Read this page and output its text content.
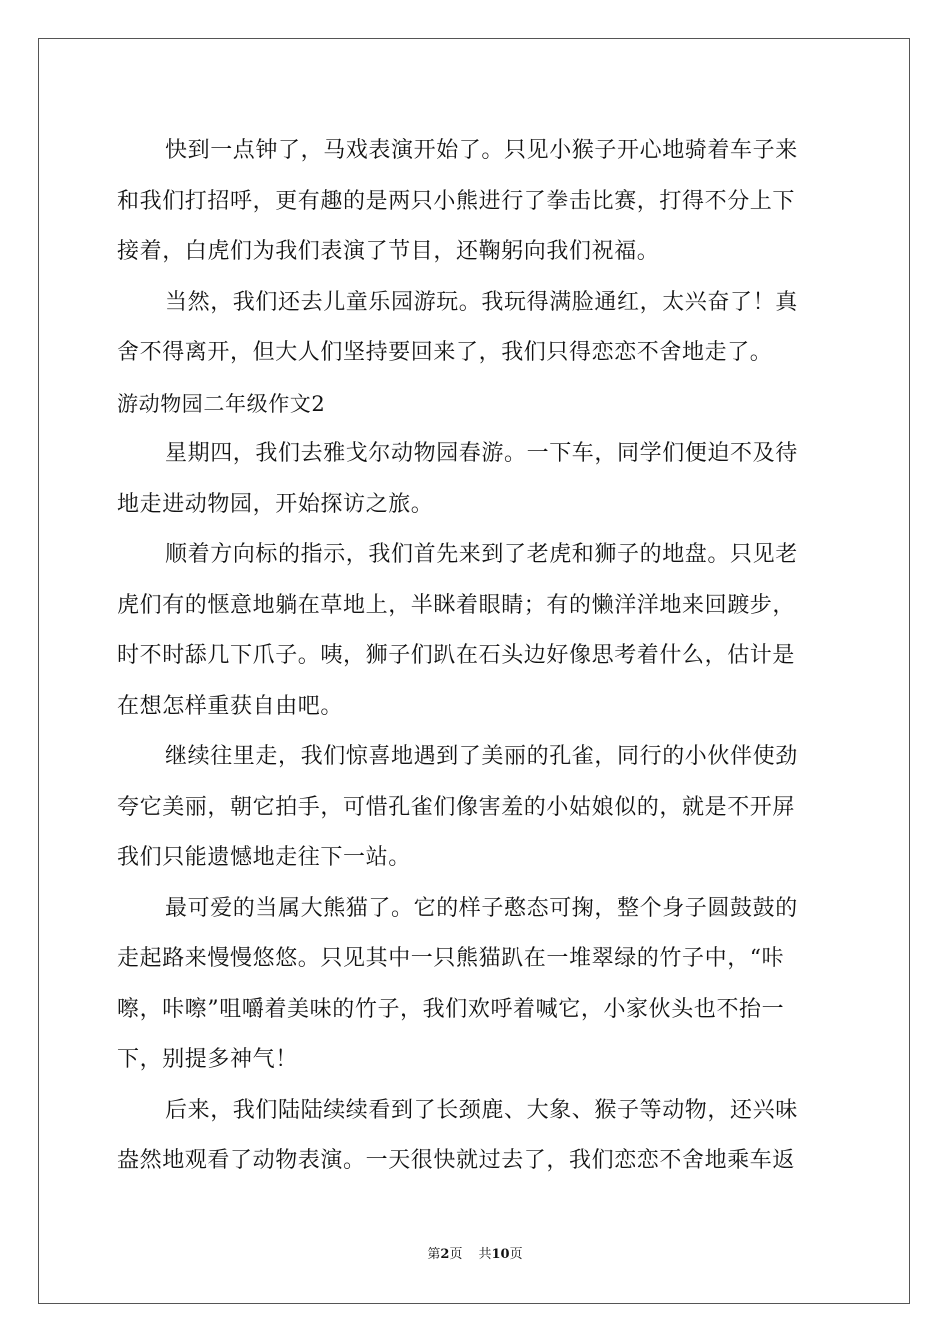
快到一点钟了，马戏表演开始了。只见小猴子开心地骑着车子来
和我们打招呼，更有趣的是两只小熊进行了拳击比赛，打得不分上下
接着，白虎们为我们表演了节目，还鞠躬向我们祝福。
当然，我们还去儿童乐园游玩。我玩得满脸通红，太兴奋了！真
舍不得离开，但大人们坚持要回来了，我们只得恋恋不舍地走了。
游动物园二年级作文2
星期四，我们去雅戈尔动物园春游。一下车，同学们便迫不及待
地走进动物园，开始探访之旅。
顺着方向标的指示，我们首先来到了老虎和狮子的地盘。只见老
虎们有的惬意地躺在草地上，半眯着眼睛；有的懒洋洋地来回踱步，
时不时舔几下爪子。咦，狮子们趴在石头边好像思考着什么，估计是
在想怎样重获自由吧。
继续往里走，我们惊喜地遇到了美丽的孔雀，同行的小伙伴使劲
夸它美丽，朝它拍手，可惜孔雀们像害羞的小姑娘似的，就是不开屏
我们只能遗憾地走往下一站。
最可爱的当属大熊猫了。它的样子憨态可掬，整个身子圆鼓鼓的
走起路来慢慢悠悠。只见其中一只熊猫趴在一堆翠绿的竹子中，“咔
嚓，咔嚓”咀嚼着美味的竹子，我们欢呼着喊它，小家伙头也不抬一
下，别提多神气！
后来，我们陆陆续续看到了长颈鹿、大象、猴子等动物，还兴味
盎然地观看了动物表演。一天很快就过去了，我们恋恋不舍地乘车返
第2页 共10页
